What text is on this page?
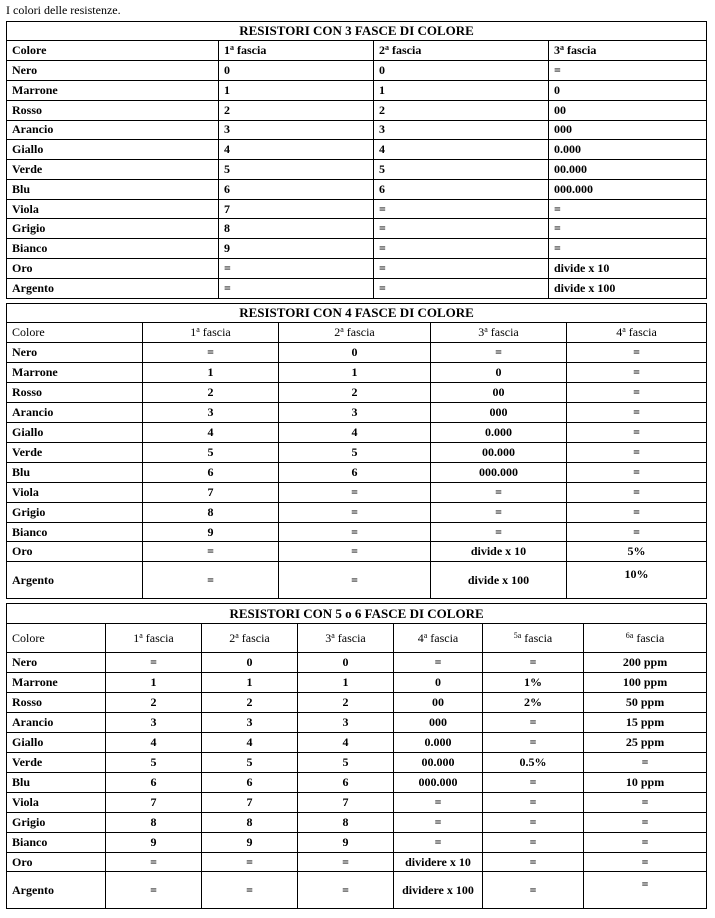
I colori delle resistenze.
RESISTORI CON 3 FASCE DI COLORE			
Colore	1$^a$ fascia	2$^a$ fascia	3$^a$ fascia
Nero	0	0	=
Marrone	1	1	0
Rosso	2	2	00
Arancio	3	3	000
Giallo	4	4	0.000
Verde	5	5	00.000
Blu	6	6	000.000
Viola	7	=	=
Grigio	8	=	=
Bianco	9	=	=
Oro	=	=	divide x 10
Argento	=	=	divide x 100
RESISTORI CON 4 FASCE DI COLORE				
Colore	1$^a$ fascia	2$^a$ fascia	3$^a$ fascia	4$^a$ fascia
Nero	=	0	=	=
Marrone	1	1	0	=
Rosso	2	2	00	=
Arancio	3	3	000	=
Giallo	4	4	0.000	=
Verde	5	5	00.000	=
Blu	6	6	000.000	=
Viola	7	=	=	=
Grigio	8	=	=	=
Bianco	9	=	=	=
Oro	=	=	divide x 10	5%
Argento	=	=	divide x 100	10%
RESISTORI CON 5 o 6 FASCE DI COLORE						
Colore	1$^a$ fascia	2$^a$ fascia	3$^a$ fascia	4$^a$ fascia	$^{5a}$ fascia	$^{6a}$ fascia
Nero	=	0	0	=	=	200 ppm
Marrone	1	1	1	0	1%	100 ppm
Rosso	2	2	2	00	2%	50 ppm
Arancio	3	3	3	000	=	15 ppm
Giallo	4	4	4	0.000	=	25 ppm
Verde	5	5	5	00.000	0.5%	=
Blu	6	6	6	000.000	=	10 ppm
Viola	7	7	7	=	=	=
Grigio	8	8	8	=	=	=
Bianco	9	9	9	=	=	=
Oro	=	=	=	dividere x 10	=	=
Argento	=	=	=	dividere x 100	=	=
